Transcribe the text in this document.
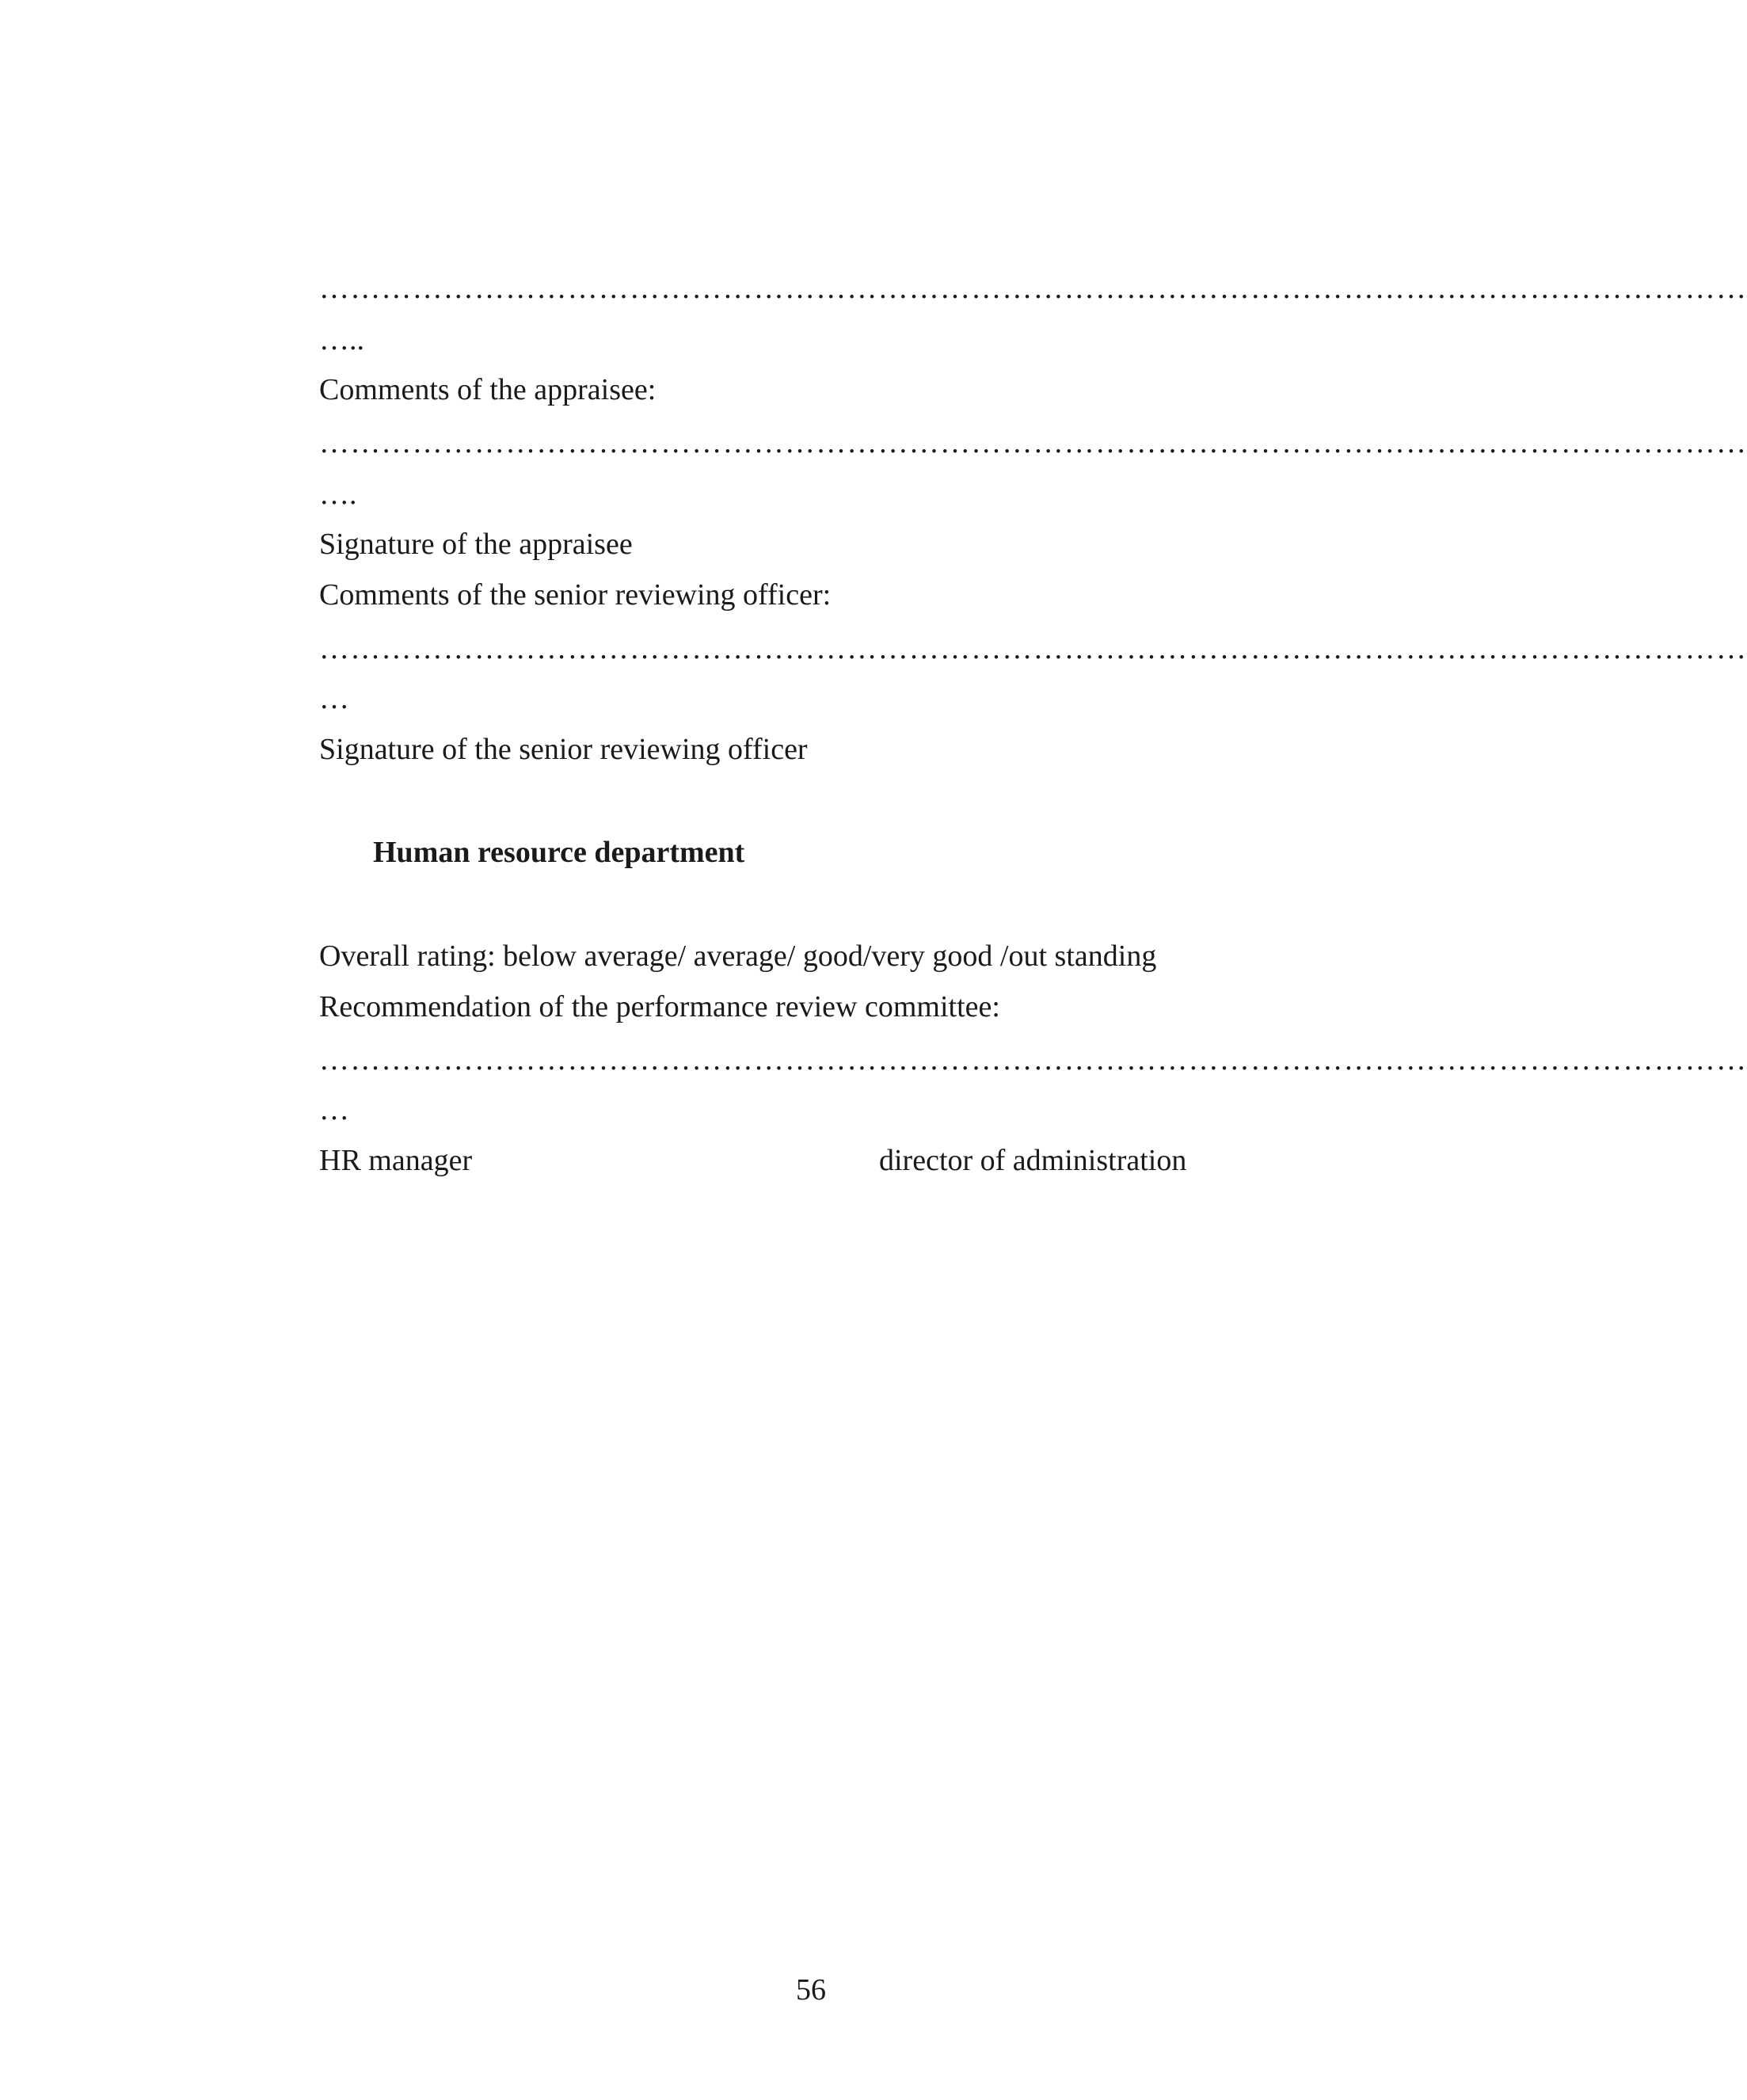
…………………………………………………………………………………………………………………………
…..
Comments of the appraisee:
…………………………………………………………………………………………………………………………
….
Signature of the appraisee
Comments of the senior reviewing officer:
…………………………………………………………………………………………………………………………
…
Signature of the senior reviewing officer
Human resource department
Overall rating: below average/ average/ good/very good /out standing
Recommendation of the performance review committee:
…………………………………………………………………………………………………………………………
…
HR manager	director of administration
56
